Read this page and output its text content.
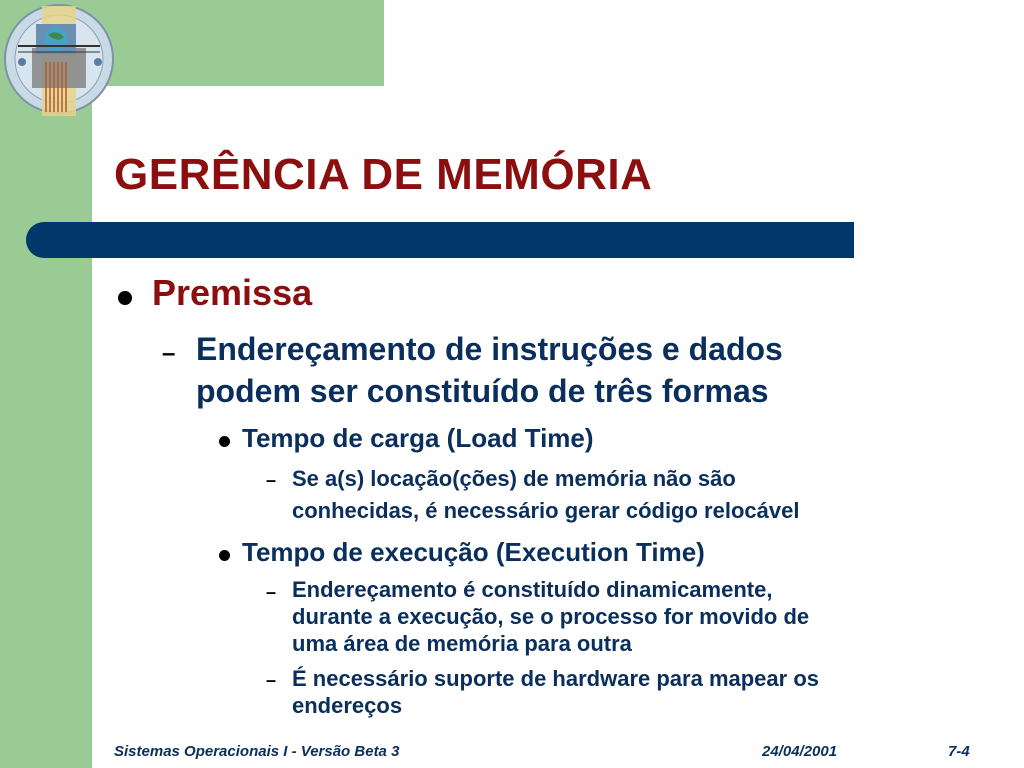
GERÊNCIA DE MEMÓRIA
Premissa
– Endereçamento de instruções e dados
podem ser constituído de três formas
Tempo de carga (Load Time)
– Se a(s) locação(ções) de memória não são
conhecidas, é necessário gerar código relocável
Tempo de execução (Execution Time)
– Endereçamento é constituído dinamicamente,
durante a execução, se o processo for movido de
uma área de memória para outra
– É necessário suporte de hardware para mapear os
endereços
Sistemas Operacionais I - Versão Beta 3	24/04/2001	7-4
